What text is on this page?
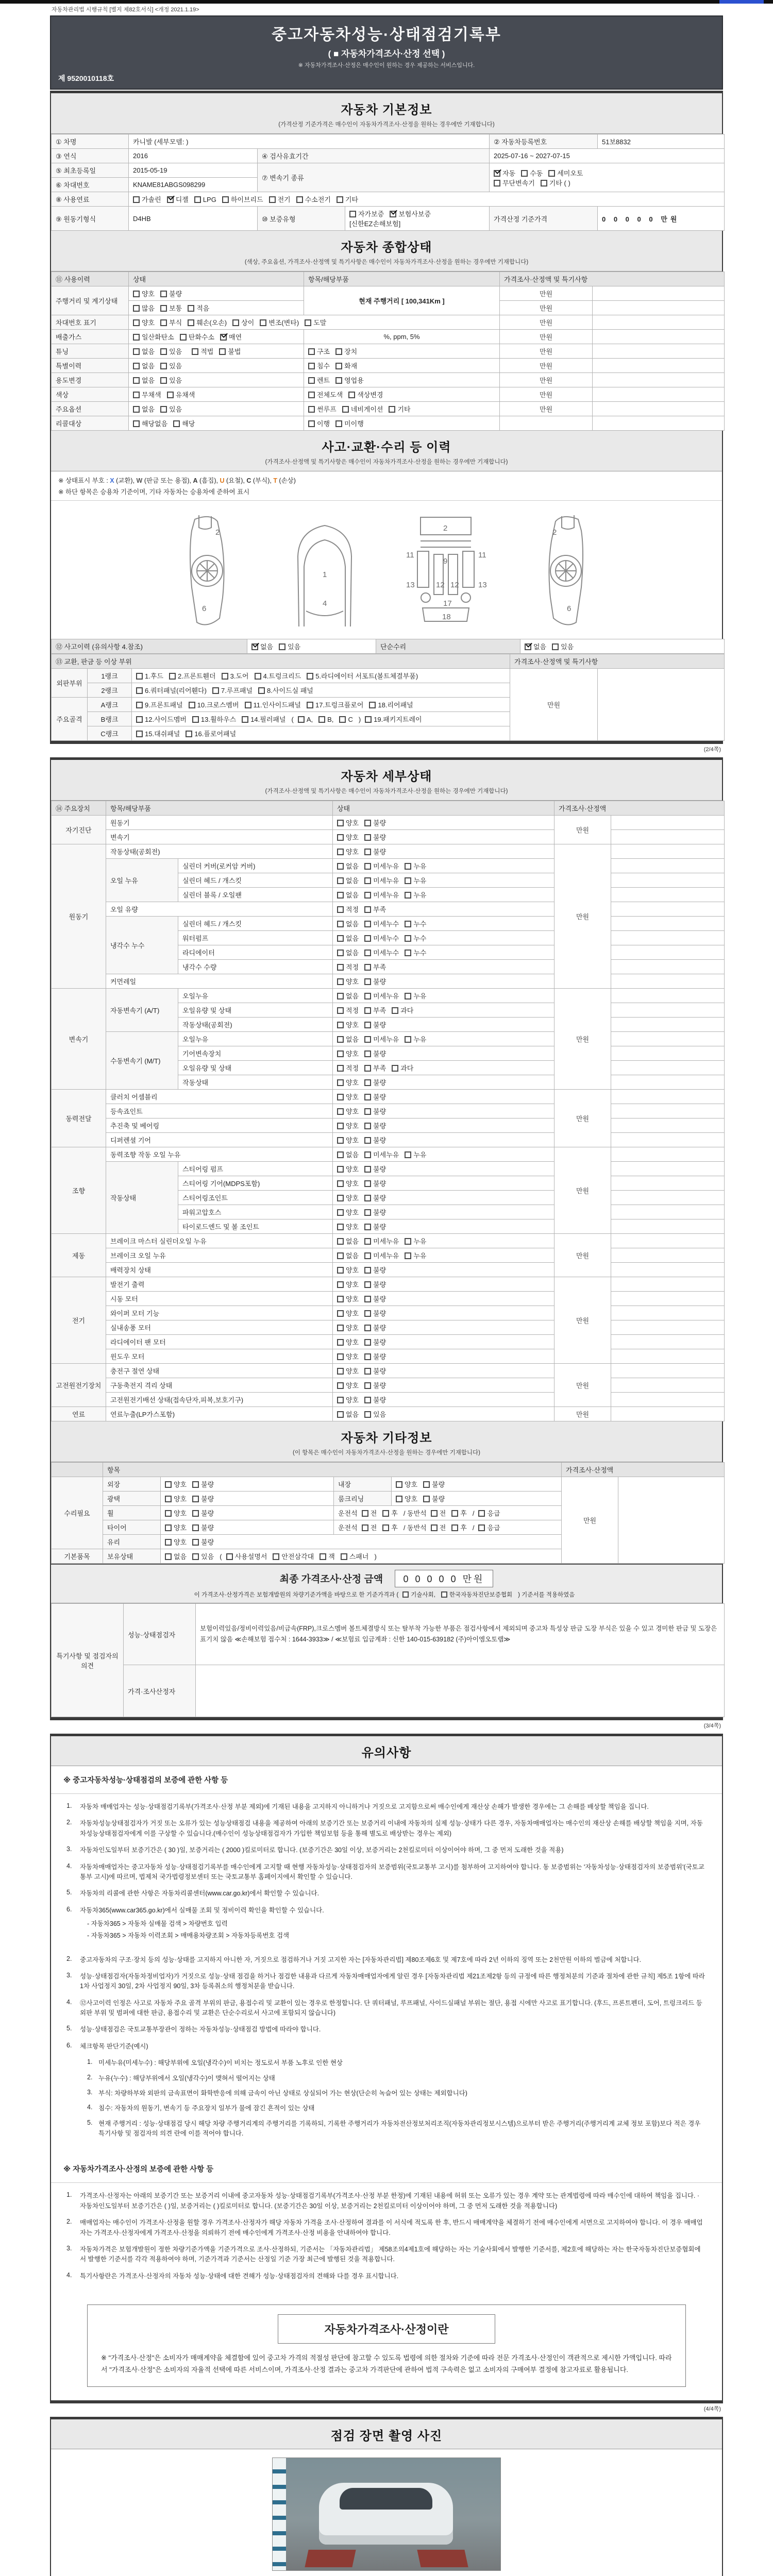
자동차관리법 시행규칙 [별지 제82호서식] <개정 2021.1.19>
중고자동차성능·상태점검기록부
( ■ 자동차가격조사·산정 선택 )
※ 자동차가격조사·산정은 매수인이 원하는 경우 제공하는 서비스입니다.
제 9520010118호
자동차 기본정보
(가격산정 기준가격은 매수인이 자동차가격조사·산정을 원하는 경우에만 기재합니다)
① 차명	카니발 (세부모델: )			② 자동차등록번호	51보8832
③ 연식	2016	④ 검사유효기간		2025-07-16 ~ 2027-07-15	
⑤ 최초등록일	2015-05-19	⑦ 변속기 종류		자동 수동 세미오토
무단변속기 기타 ( )	

⑥ 차대번호	KNAME81ABGS098299				
⑧ 사용연료	가솔린 디젤 LPG 하이브리드 전기 수소전기 기타				
⑨ 원동기형식	D4HB	⑩ 보증유형	자가보증 보험사보증[신한EZ손해보험]	가격산정 기준가격	0 0 0 0 0 만원
자동차 종합상태
(색상, 주요옵션, 가격조사·산정액 및 특기사항은 매수인이 자동차가격조사·산정을 원하는 경우에만 기재합니다)
⑪ 사용이력	상태	항목/해당부품	가격조사·산정액 및 특기사항	
주행거리 및 계기상태	양호 불량	현재 주행거리 [ 100,341Km ]	만원	
	많음 보통 적음		만원	
차대번호 표기	양호 부식 훼손(오손) 상이 변조(변타) 도말		만원	
배출가스	일산화탄소 탄화수소 매연	%, ppm, 5%	만원	
튜닝	없음 있음 적법 불법	구조 장치	만원	
특별이력	없음 있음	침수 화재	만원	
용도변경	없음 있음	렌트 영업용	만원	
색상	무채색 유채색	전체도색 색상변경	만원	
주요옵션	없음 있음	썬루프 네비게이션 기타	만원	
리콜대상	해당없음 해당	이행 미이행		
사고·교환·수리 등 이력
(가격조사·산정액 및 특기사항은 매수인이 자동차가격조사·산정을 원하는 경우에만 기재합니다)
※ 상태표시 부호 : X (교환), W (판금 또는 용접), A (흠집), U (요철), C (부식), T (손상)
※ 하단 항목은 승용차 기준이며, 기타 자동차는 승용차에 준하여 표시
2
6
1
4
2
9
11	11
13	12 12 13
17
18
2
6
⑫ 사고이력 (유의사항 4.참조)	없음 있음	단순수리	없음 있음
⑬ 교환, 판금 등 이상 부위			가격조사·산정액 및 특기사항	
외판부위	1랭크	1.후드 2.프론트휀더 3.도어 4.트렁크리드 5.라디에이터 서포트(볼트체결부품)	만원	
	2랭크	6.쿼터패널(리어휀다) 7.루프패널 8.사이드실 패널		
주요골격	A랭크	9.프론트패널 10.크로스멤버 11.인사이드패널 17.트렁크플로어 18.리어패널		
	B랭크	12.사이드멤버 13.휠하우스 14.필러패널 ( A, B, C ) 19.패키지트레이		
	C랭크	15.대쉬패널 16.플로어패널		
(2/4쪽)
자동차 세부상태
(가격조사·산정액 및 특기사항은 매수인이 자동차가격조사·산정을 원하는 경우에만 기재합니다)
⑭ 주요장치	항목/해당부품		상태	가격조사·산정액	
자기진단	원동기		양호 불량	만원	
	변속기		양호 불량		
원동기	작동상태(공회전)		양호 불량	만원	
	오일 누유	실린더 커버(로커암 커버)	없음 미세누유 누유		
		실린더 헤드 / 개스킷	없음 미세누유 누유		
		실린더 블록 / 오일팬	없음 미세누유 누유		
	오일 유량		적정 부족		
	냉각수 누수	실린더 헤드 / 개스킷	없음 미세누수 누수		
		워터펌프	없음 미세누수 누수		
		라디에이터	없음 미세누수 누수		
		냉각수 수량	적정 부족		
	커먼레일		양호 불량		
변속기	자동변속기 (A/T)	오일누유	없음 미세누유 누유	만원	
		오일유량 및 상태	적정 부족 과다		
		작동상태(공회전)	양호 불량		
	수동변속기 (M/T)	오일누유	없음 미세누유 누유		
		기어변속장치	양호 불량		
		오일유량 및 상태	적정 부족 과다		
		작동상태	양호 불량		
동력전달	클러치 어셈블리		양호 불량	만원	
	등속죠인트		양호 불량		
	추진축 및 베어링		양호 불량		
	디퍼렌셜 기어		양호 불량		
조향	동력조향 작동 오일 누유		없음 미세누유 누유	만원	
	작동상태	스티어링 펌프	양호 불량		
		스티어링 기어(MDPS포함)	양호 불량		
		스티어링조인트	양호 불량		
		파워고압호스	양호 불량		
		타이로드엔드 및 볼 조인트	양호 불량		
제동	브레이크 마스터 실린더오일 누유		없음 미세누유 누유	만원	
	브레이크 오일 누유		없음 미세누유 누유		
	배력장치 상태		양호 불량		
전기	발전기 출력		양호 불량	만원	
	시동 모터		양호 불량		
	와이퍼 모터 기능		양호 불량		
	실내송풍 모터		양호 불량		
	라디에이터 팬 모터		양호 불량		
	윈도우 모터		양호 불량		
고전원전기장치	충전구 절연 상태		양호 불량	만원	
	구동축전지 격리 상태		양호 불량		
	고전원전기배선 상태(접속단자,피복,보호기구)		양호 불량		
연료	연료누출(LP가스포함)		없음 있음	만원	
자동차 기타정보
(이 항목은 매수인이 자동차가격조사·산정을 원하는 경우에만 기재합니다)
	항목				가격조사·산정액	
수리필요	외장	양호 불량	내장	양호 불량	만원	
	광택	양호 불량	룸크리닝	양호 불량		
	휠	양호 불량	운전석 전 후 / 동반석 전 후 / 응급			
	타이어	양호 불량	운전석 전 후 / 동반석 전 후 / 응급			
	유리	양호 불량				
기본품목	보유상태	없음 있음 ( 사용설명서 안전삼각대 잭 스패너 )				
최종 가격조사·산정 금액 0 0 0 0 0 만원
이 가격조사·산정가격은 보험개발원의 차량기준가액을 바탕으로 한 기준가격과 ( 기술사회, 한국자동차진단보증협회 ) 기준서를 적용하였음
특기사항 및 점검자의 의견	성능·상태점검자	보험이력있음/정비이력있음/비금속(FRP),크로스멤버 볼트체결방식 또는 탈부착 가능한 부품은 점검사항에서 제외되며 중고차 특성상 판금 도장 부식은 있을 수 있고 경미한 판금 및 도장은 표기치 않음 ≪손해보험 접수처 : 1644-3933≫ / ≪보험료 입금계좌 : 신한 140-015-639182 (주)아이엠오토랩≫
	가격·조사산정자	
(3/4쪽)
유의사항
※ 중고자동차성능·상태점검의 보증에 관한 사항 등
1.	자동차 매매업자는 성능·상태점검기록부(가격조사·산정 부분 제외)에 기재된 내용을 고지하지 아니하거나 거짓으로 고지함으로써 매수인에게 재산상 손해가 발생한 경우에는 그 손해를 배상할 책임을 집니다.
2.	자동차성능상태점검자가 거짓 또는 오류가 있는 성능상태점검 내용을 제공하여 아래의 보증기간 또는 보증거리 이내에 자동차의 실제 성능·상태가 다른 경우, 자동차매매업자는 매수인의 재산상 손해를 배상할 책임을 지며, 자동차성능상태점검자에게 이를 구상할 수 있습니다.(매수인이 성능상태점검자가 가입한 책임보험 등을 통해 별도로 배상받는 경우는 제외)
3.	자동차인도일부터 보증기간은 ( 30 )일, 보증거리는 ( 2000 )킬로미터로 합니다. (보증기간은 30일 이상, 보증거리는 2천킬로미터 이상이어야 하며, 그 중 먼저 도래한 것을 적용)
4.	자동차매매업자는 중고자동차 성능·상태점검기록부를 매수인에게 고지할 때 현행 자동차성능·상태점검자의 보증범위(국토교통부 고시)를 첨부하여 고지하여야 합니다. 동 보증범위는 '자동차성능·상태점검자의 보증범위'(국토교통부 고시)에 따르며, 법제처 국가법령정보센터 또는 국토교통부 홈페이지에서 확인할 수 있습니다.
5.	자동차의 리콜에 관한 사항은 자동차리콜센터(www.car.go.kr)에서 확인할 수 있습니다.
6.	자동차365(www.car365.go.kr)에서 실매물 조회 및 정비이력 확인을 확인할 수 있습니다.
- 자동차365 > 자동차 실매물 검색 > 차량번호 입력
- 자동차365 > 자동차 이력조회 > 매매용차량조회 > 자동차등록번호 검색
2.	중고자동차의 구조·장치 등의 성능·상태를 고지하지 아니한 자, 거짓으로 점검하거나 거짓 고지한 자는 [자동차관리법] 제80조제6호 및 제7호에 따라 2년 이하의 징역 또는 2천만원 이하의 벌금에 처합니다.
3.	성능·상태점검자(자동차정비업자)가 거짓으로 성능·상태 점검을 하거나 점검한 내용과 다르게 자동차매매업자에게 알린 경우 [자동차관리법 제21조제2항 등의 규정에 따른 행정처분의 기준과 절차에 관한 규칙] 제5조 1항에 따라 1차 사업정지 30일, 2차 사업정지 90일, 3차 등록취소의 행정처분을 받습니다.
4.	⑫사고이력 인정은 사고로 자동차 주요 골격 부위의 판금, 용접수리 및 교환이 있는 경우로 한정합니다. 단 쿼터패널, 루프패널, 사이드실패널 부위는 절단, 용접 시에만 사고로 표기합니다. (후드, 프론트펜더, 도어, 트렁크리드 등 외판 부위 및 범퍼에 대한 판금, 용접수리 및 교환은 단순수리로서 사고에 포함되지 않습니다)
5.	성능·상태점검은 국토교통부장관이 정하는 자동차성능·상태점검 방법에 따라야 합니다.
6.	체크항목 판단기준(예시)
1. 미세누유(미세누수) : 해당부위에 오일(냉각수)이 비치는 정도로서 부품 노후로 인한 현상
2. 누유(누수) : 해당부위에서 오일(냉각수)이 맺혀서 떨어지는 상태
3. 부식: 차량하부와 외판의 금속표면이 화학반응에 의해 금속이 아닌 상태로 상실되어 가는 현상(단순히 녹슬어 있는 상태는 제외합니다)
4. 침수: 자동차의 원동기, 변속기 등 주요장치 일부가 물에 잠긴 흔적이 있는 상태
5. 현재 주행거리 : 성능·상태점검 당시 해당 차량 주행거리계의 주행거리를 기록하되, 기록한 주행거리가 자동차전산정보처리조직(자동차관리정보시스템)으로부터 받은 주행거리(주행거리계 교체 정보 포함)보다 적은 경우 특기사항 및 점검자의 의견 란에 이를 적어야 합니다.
※ 자동차가격조사·산정의 보증에 관한 사항 등
1.	가격조사·산정자는 아래의 보증기간 또는 보증거리 이내에 중고자동차 성능·상태점검기록부(가격조사·산정 부분 한정)에 기재된 내용에 허위 또는 오류가 있는 경우 계약 또는 관계법령에 따라 매수인에 대하여 책임을 집니다. · 자동차인도일부터 보증기간은 ( )일, 보증거리는 ( )킬로미터로 합니다. (보증기간은 30일 이상, 보증거리는 2천킬로미터 이상이어야 하며, 그 중 먼저 도래한 것을 적용합니다)
2.	매매업자는 매수인이 가격조사·산정을 원할 경우 가격조사·산정자가 해당 자동차 가격을 조사·산정하여 결과를 이 서식에 적도록 한 후, 반드시 매매계약을 체결하기 전에 매수인에게 서면으로 고지하여야 합니다. 이 경우 매매업자는 가격조사·산정자에게 가격조사·산정을 의뢰하기 전에 매수인에게 가격조사·산정 비용을 안내하여야 합니다.
3.	자동차가격은 보험개발원이 정한 차량기준가액을 기준가격으로 조사·산정하되, 기준서는 「자동차관리법」 제58조의4제1호에 해당하는 자는 기술사회에서 발행한 기준서를, 제2호에 해당하는 자는 한국자동차진단보증협회에서 발행한 기준서를 각각 적용하여야 하며, 기준가격과 기준서는 산정일 기준 가장 최근에 발행된 것을 적용합니다.
4.	특기사항란은 가격조사·산정자의 자동차 성능·상태에 대한 견해가 성능·상태점검자의 견해와 다를 경우 표시합니다.
자동차가격조사·산정이란
※ "가격조사·산정"은 소비자가 매매계약을 체결함에 있어 중고차 가격의 적절성 판단에 참고할 수 있도록 법령에 의한 절차와 기준에 따라 전문 가격조사·산정인이 객관적으로 제시한 가액입니다. 따라서 "가격조사·산정"은 소비자의 자율적 선택에 따른 서비스이며, 가격조사·산정 결과는 중고차 가격판단에 관하여 법적 구속력은 없고 소비자의 구매여부 결정에 참고자료로 활용됩니다.
(4/4쪽)
점검 장면 촬영 사진
